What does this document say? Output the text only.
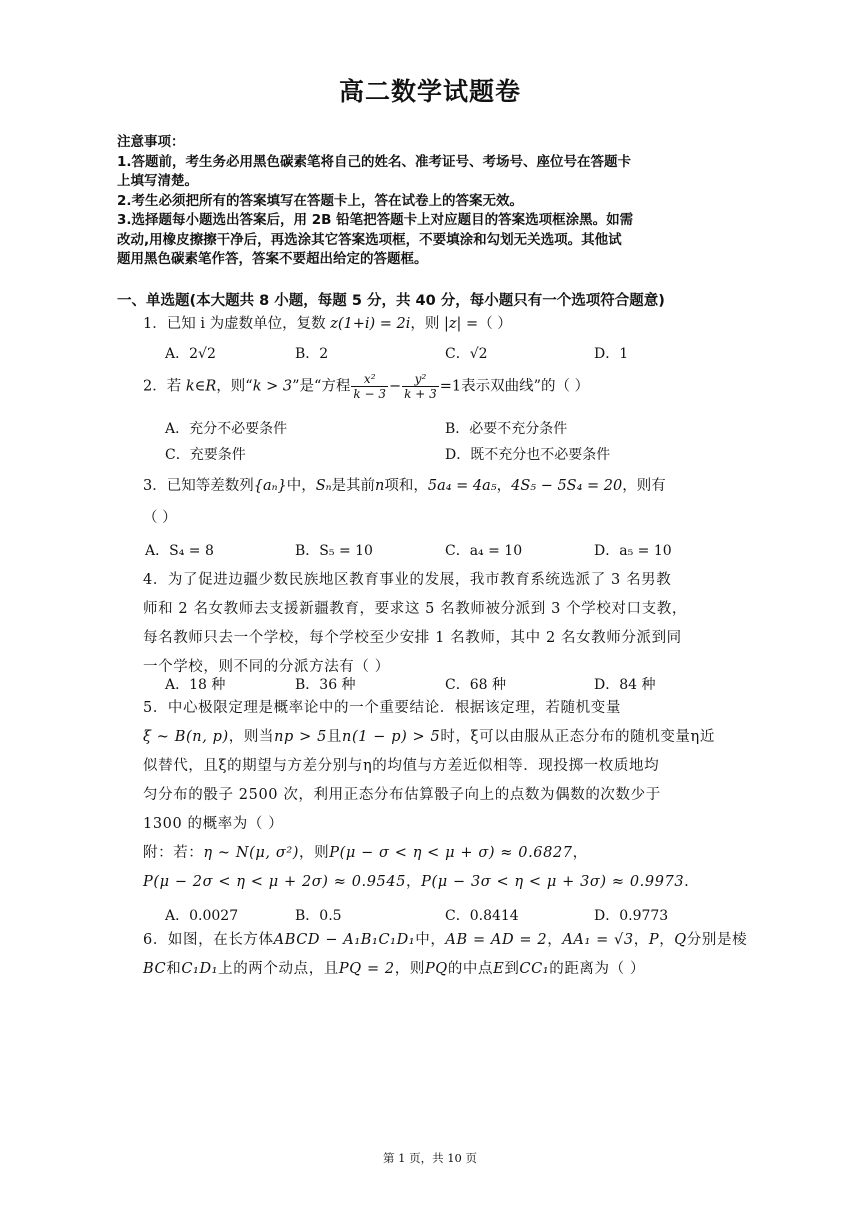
高二数学试题卷
注意事项：
1.答题前，考生务必用黑色碳素笔将自己的姓名、准考证号、考场号、座位号在答题卡
上填写清楚。
2.考生必须把所有的答案填写在答题卡上，答在试卷上的答案无效。
3.选择题每小题选出答案后，用 2B 铅笔把答题卡上对应题目的答案选项框涂黑。如需
改动,用橡皮擦擦干净后，再选涂其它答案选项框，不要填涂和勾划无关选项。其他试
题用黑色碳素笔作答，答案不要超出给定的答题框。
一、单选题(本大题共 8 小题，每题 5 分，共 40 分，每小题只有一个选项符合题意)
1．已知 i 为虚数单位，复数 z(1+i) = 2i，则 |z| =（ ）
A．2√2	B．2	C．√2	D．1
2．若 k∈R，则“k > 3”是“方程 $\frac{\text{x²}}{k - 3} - \frac{\text{y²}}{k + 3} =1$表示双曲线”的（ ）
A．充分不必要条件	B．必要不充分条件
C．充要条件	D．既不充分也不必要条件
3．已知等差数列{aₙ}中，Sₙ是其前n项和，5a₄ = 4a₅，4S₅ − 5S₄ = 20，则有
（ ）
A．S₄ = 8	B．S₅ = 10	C．a₄ = 10	D．a₅ = 10
4．为了促进边疆少数民族地区教育事业的发展，我市教育系统选派了 3 名男教
师和 2 名女教师去支援新疆教育，要求这 5 名教师被分派到 3 个学校对口支教，
每名教师只去一个学校，每个学校至少安排 1 名教师，其中 2 名女教师分派到同
一个学校，则不同的分派方法有（ ）
A．18 种	B．36 种	C．68 种	D．84 种
5．中心极限定理是概率论中的一个重要结论．根据该定理，若随机变量
ξ ~ B(n, p)，则当np > 5且n(1 − p) > 5时，ξ可以由服从正态分布的随机变量η近
似替代，且ξ的期望与方差分别与η的均值与方差近似相等．现投掷一枚质地均
匀分布的骰子 2500 次，利用正态分布估算骰子向上的点数为偶数的次数少于
1300 的概率为（ ）
附：若：η ~ N(μ, σ²)，则P(μ − σ < η < μ + σ) ≈ 0.6827，
P(μ − 2σ < η < μ + 2σ) ≈ 0.9545，P(μ − 3σ < η < μ + 3σ) ≈ 0.9973.
A．0.0027	B．0.5	C．0.8414	D．0.9773
6．如图，在长方体ABCD − A₁B₁C₁D₁中，AB = AD = 2，AA₁ = √3，P，Q分别是棱
BC和C₁D₁上的两个动点，且PQ = 2，则PQ的中点E到CC₁的距离为（ ）
第 1 页，共 10 页
